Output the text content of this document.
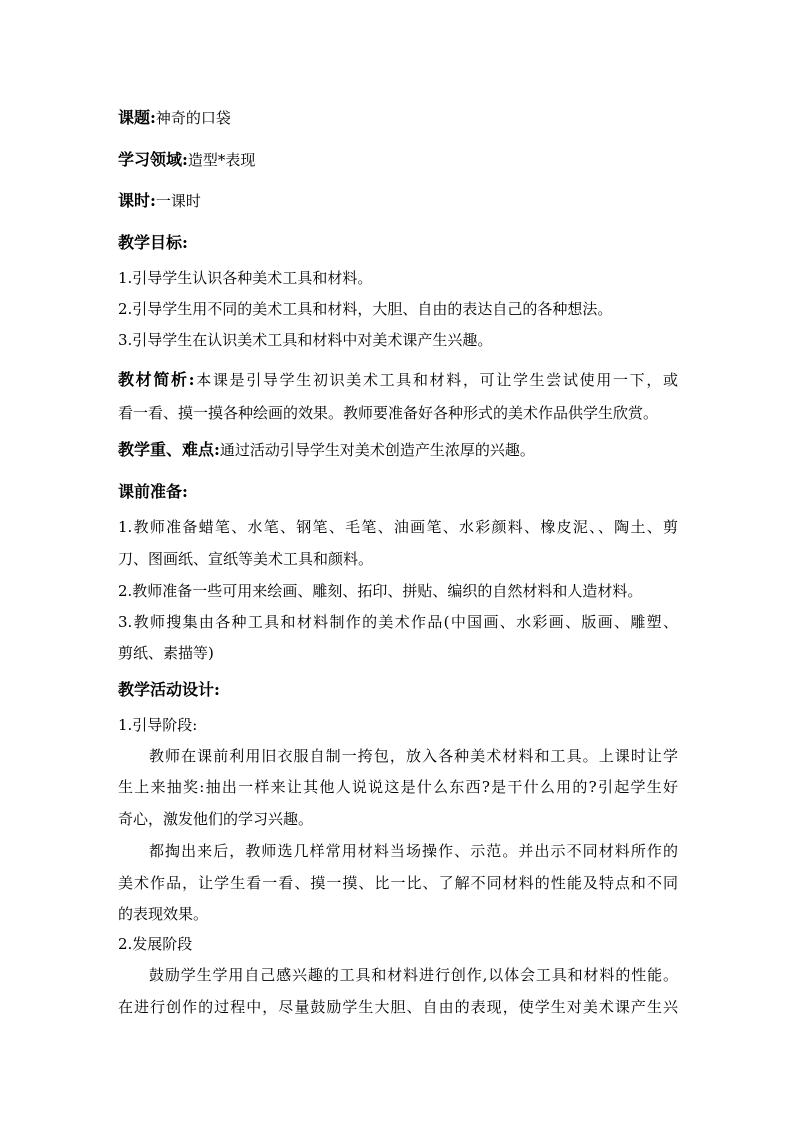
课题:神奇的口袋
学习领域:造型*表现
课时:一课时
教学目标:
1.引导学生认识各种美术工具和材料。
2.引导学生用不同的美术工具和材料，大胆、自由的表达自己的各种想法。
3.引导学生在认识美术工具和材料中对美术课产生兴趣。
教材简析:本课是引导学生初识美术工具和材料，可让学生尝试使用一下，或
看一看、摸一摸各种绘画的效果。教师要准备好各种形式的美术作品供学生欣赏。
教学重、难点:通过活动引导学生对美术创造产生浓厚的兴趣。
课前准备:
1.教师准备蜡笔、水笔、钢笔、毛笔、油画笔、水彩颜料、橡皮泥、、陶土、剪
刀、图画纸、宣纸等美术工具和颜料。
2.教师准备一些可用来绘画、雕刻、拓印、拼贴、编织的自然材料和人造材料。
3.教师搜集由各种工具和材料制作的美术作品(中国画、水彩画、版画、雕塑、
剪纸、素描等)
教学活动设计:
1.引导阶段:
教师在课前利用旧衣服自制一挎包，放入各种美术材料和工具。上课时让学
生上来抽奖:抽出一样来让其他人说说这是什么东西?是干什么用的?引起学生好
奇心，激发他们的学习兴趣。
都掏出来后，教师选几样常用材料当场操作、示范。并出示不同材料所作的
美术作品，让学生看一看、摸一摸、比一比、了解不同材料的性能及特点和不同
的表现效果。
2.发展阶段
鼓励学生学用自己感兴趣的工具和材料进行创作,以体会工具和材料的性能。
在进行创作的过程中，尽量鼓励学生大胆、自由的表现，使学生对美术课产生兴
